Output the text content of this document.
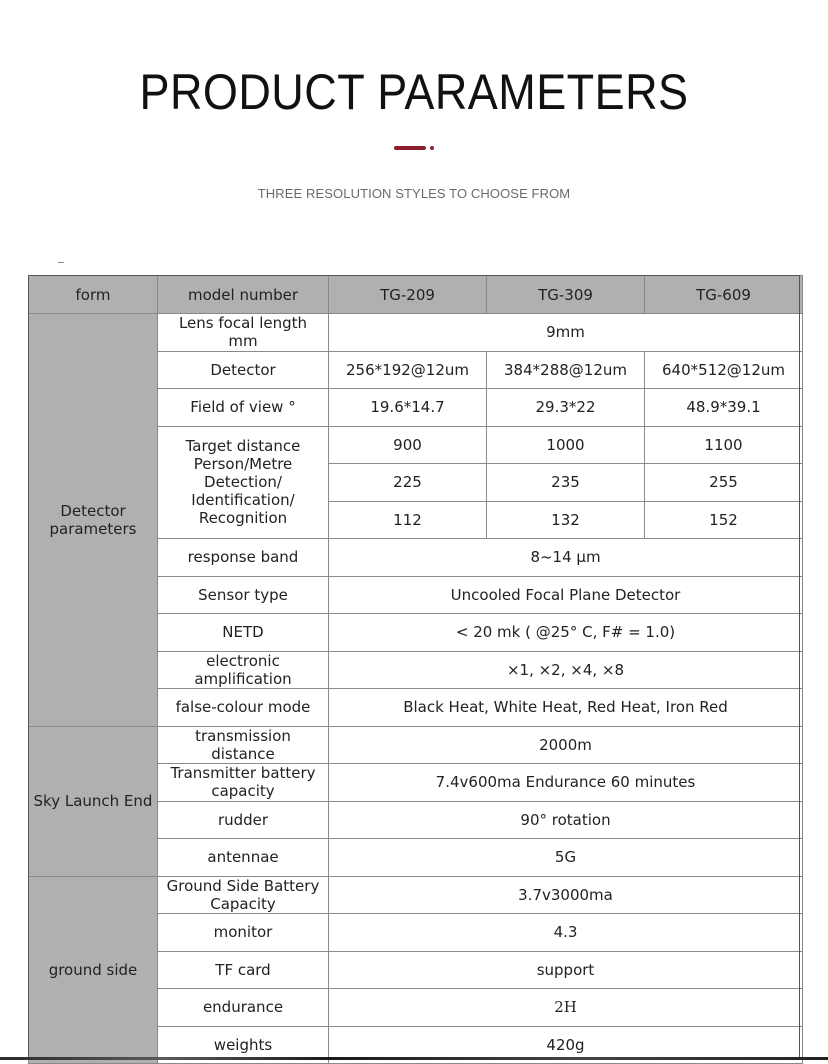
PRODUCT PARAMETERS
THREE RESOLUTION STYLES TO CHOOSE FROM
form	model number	TG-209	TG-309	TG-609
Detector parameters	Lens focal length mm	9mm		
	Detector	256*192@12um	384*288@12um	640*512@12um
	Field of view °	19.6*14.7	29.3*22	48.9*39.1
	Target distance Person/Metre Detection/ Identification/ Recognition	900	1000	1100
		225	235	255
		112	132	152
	response band	8~14 μm		
	Sensor type	Uncooled Focal Plane Detector		
	NETD	< 20 mk ( @25° C, F# = 1.0)		
	electronic amplification	×1, ×2, ×4, ×8		
	false-colour mode	Black Heat, White Heat, Red Heat, Iron Red		
Sky Launch End	transmission distance	2000m		
	Transmitter battery capacity	7.4v600ma Endurance 60 minutes		
	rudder	90° rotation		
	antennae	5G		
ground side	Ground Side Battery Capacity	3.7v3000ma		
	monitor	4.3		
	TF card	support		
	endurance	2H		
	weights	420g		
